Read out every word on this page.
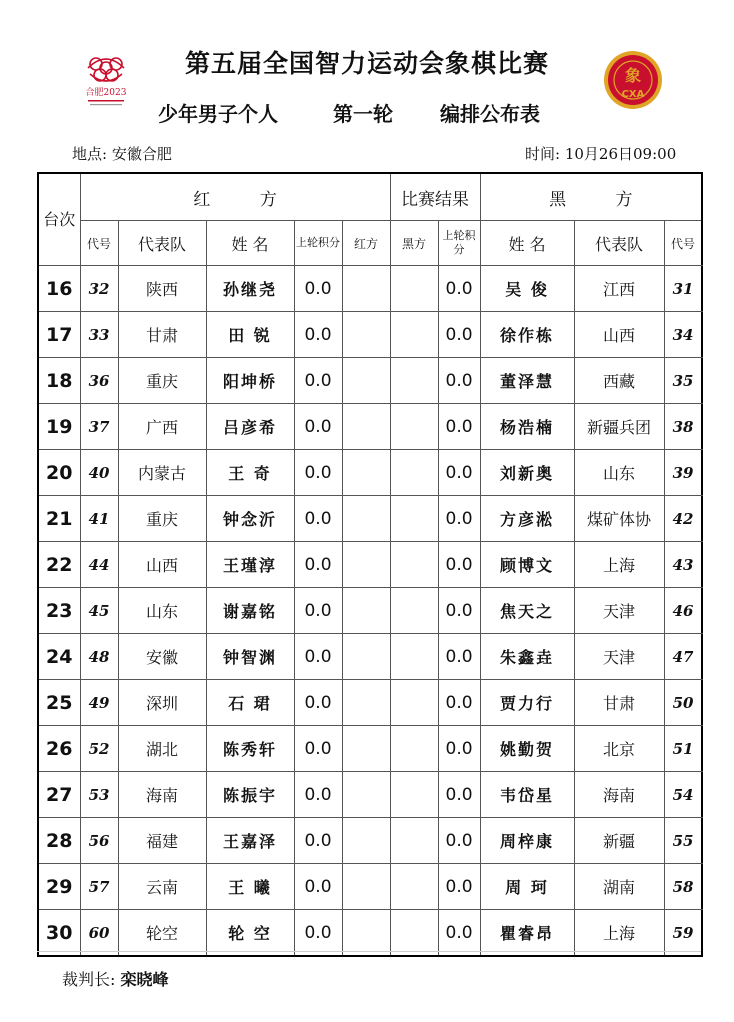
合肥2023
象
CXA
第五届全国智力运动会象棋比赛
少年男子个人	第一轮 编排公布表
地点: 安徽合肥	时间: 10月26日09:00
台次	红 方					比赛结果		黑 方		
	代号	代表队	姓 名	上轮积分	红方	黑方	上轮积分	姓 名	代表队	代号
16	32	陕西	孙继尧	0.0			0.0	吴 俊	江西	31
17	33	甘肃	田 锐	0.0			0.0	徐作栋	山西	34
18	36	重庆	阳坤桥	0.0			0.0	董泽慧	西藏	35
19	37	广西	吕彦希	0.0			0.0	杨浩楠	新疆兵团	38
20	40	内蒙古	王 奇	0.0			0.0	刘新奥	山东	39
21	41	重庆	钟念沂	0.0			0.0	方彦淞	煤矿体协	42
22	44	山西	王瑾淳	0.0			0.0	顾博文	上海	43
23	45	山东	谢嘉铭	0.0			0.0	焦天之	天津	46
24	48	安徽	钟智渊	0.0			0.0	朱鑫垚	天津	47
25	49	深圳	石 珺	0.0			0.0	贾力行	甘肃	50
26	52	湖北	陈秀轩	0.0			0.0	姚勤贺	北京	51
27	53	海南	陈振宇	0.0			0.0	韦岱星	海南	54
28	56	福建	王嘉泽	0.0			0.0	周梓康	新疆	55
29	57	云南	王 曦	0.0			0.0	周 珂	湖南	58
30	60	轮空	轮 空	0.0			0.0	瞿睿昂	上海	59
裁判长: 栾晓峰
